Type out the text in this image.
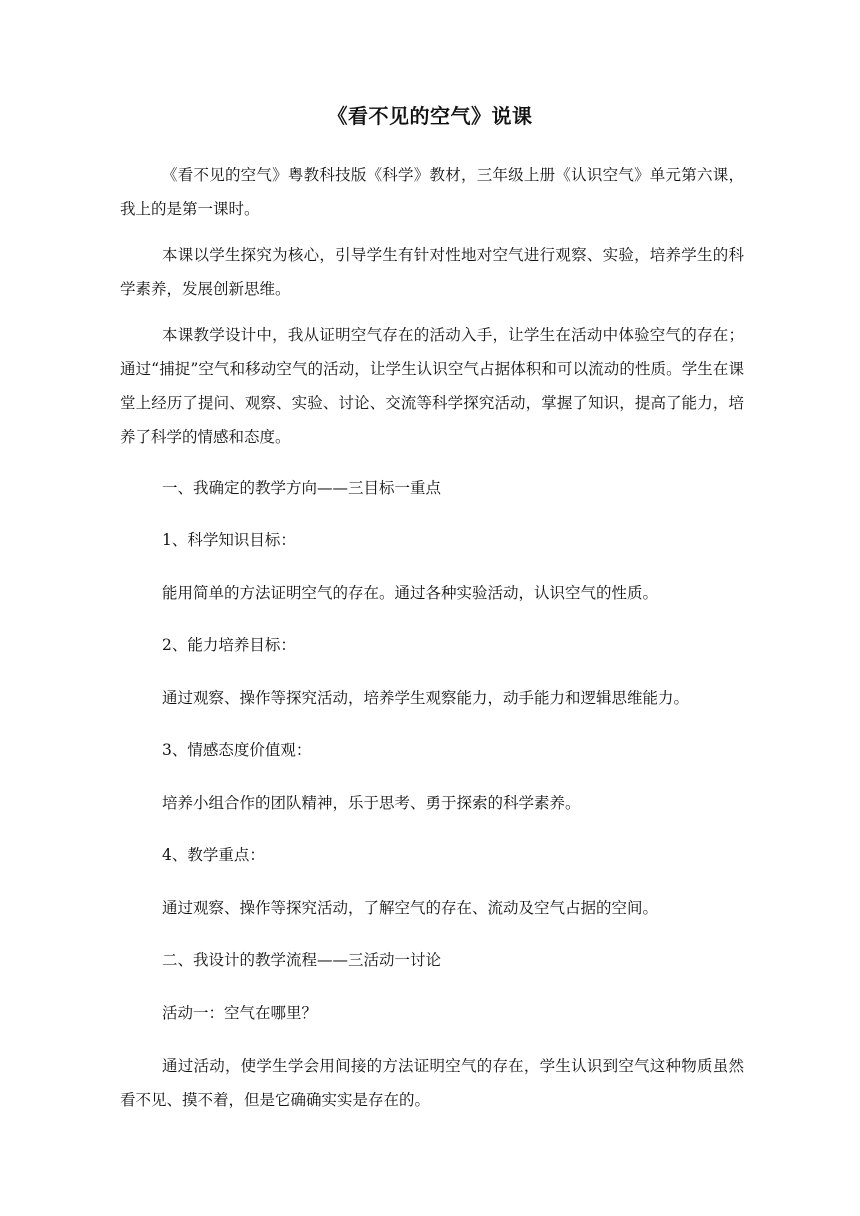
《看不见的空气》说课

《看不见的空气》粤教科技版《科学》教材，三年级上册《认识空气》单元第六课，我上的是第一课时。

本课以学生探究为核心，引导学生有针对性地对空气进行观察、实验，培养学生的科学素养，发展创新思维。

本课教学设计中，我从证明空气存在的活动入手，让学生在活动中体验空气的存在；通过“捕捉”空气和移动空气的活动，让学生认识空气占据体积和可以流动的性质。学生在课堂上经历了提问、观察、实验、讨论、交流等科学探究活动，掌握了知识，提高了能力，培养了科学的情感和态度。

一、我确定的教学方向——三目标一重点

1、科学知识目标：

能用简单的方法证明空气的存在。通过各种实验活动，认识空气的性质。

2、能力培养目标：

通过观察、操作等探究活动，培养学生观察能力，动手能力和逻辑思维能力。

3、情感态度价值观：

培养小组合作的团队精神，乐于思考、勇于探索的科学素养。

4、教学重点：

通过观察、操作等探究活动，了解空气的存在、流动及空气占据的空间。

二、我设计的教学流程——三活动一讨论

活动一：空气在哪里？

通过活动，使学生学会用间接的方法证明空气的存在，学生认识到空气这种物质虽然看不见、摸不着，但是它确确实实是存在的。
